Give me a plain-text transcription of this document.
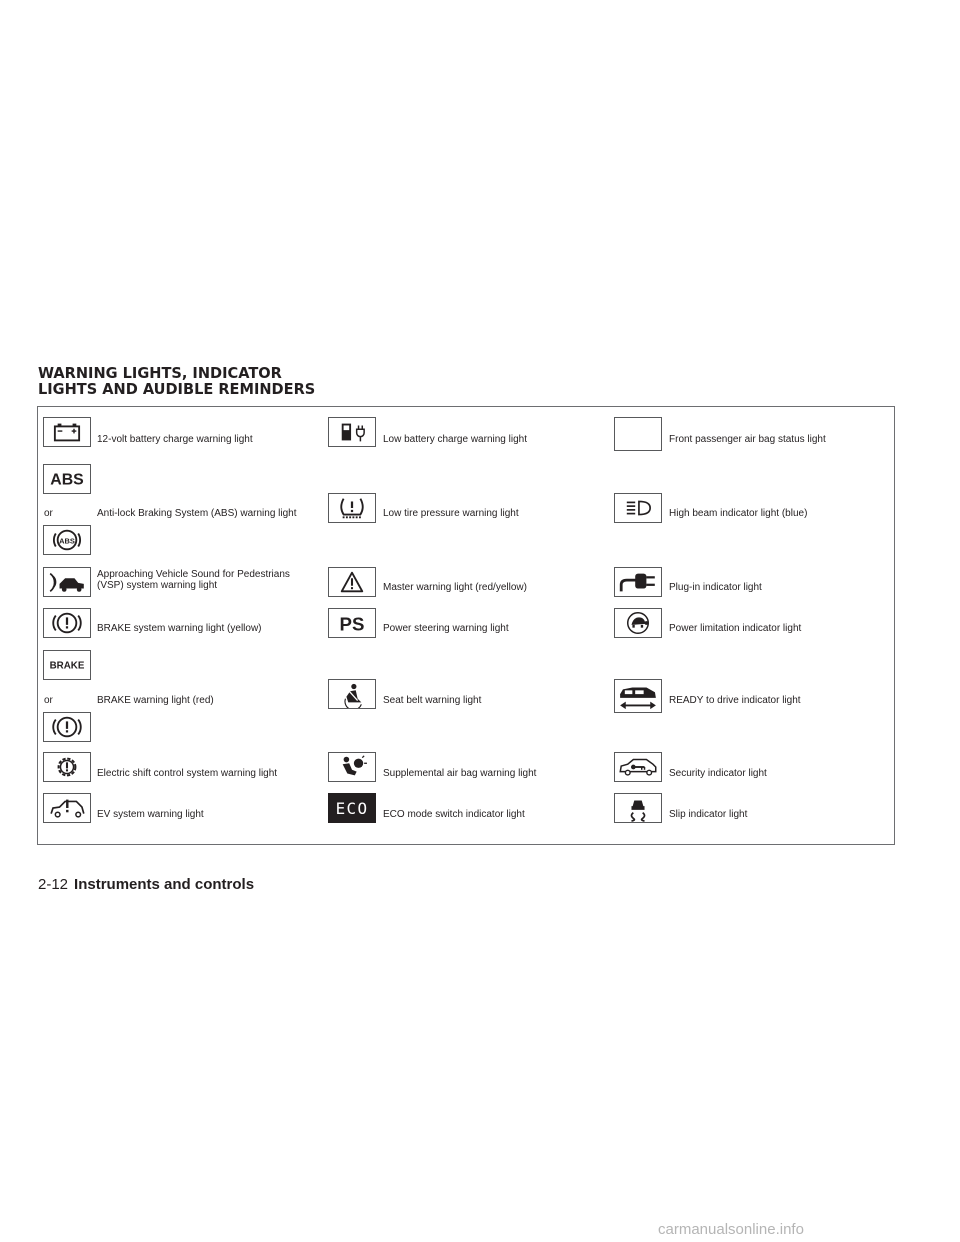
WARNING LIGHTS, INDICATOR
LIGHTS AND AUDIBLE REMINDERS
12-volt battery charge warning light
ABS
or	Anti-lock Braking System (ABS) warning light
ABS
Approaching Vehicle Sound for Pedestrians
(VSP) system warning light
BRAKE system warning light (yellow)
BRAKE
or	BRAKE warning light (red)
Electric shift control system warning light
EV system warning light
Low battery charge warning light
Low tire pressure warning light
Master warning light (red/yellow)
PS Power steering warning light
Seat belt warning light
Supplemental air bag warning light
ECO ECO mode switch indicator light
Front passenger air bag status light
High beam indicator light (blue)
Plug-in indicator light
Power limitation indicator light
READY to drive indicator light
Security indicator light
Slip indicator light
2-12 Instruments and controls
carmanualsonline.info
